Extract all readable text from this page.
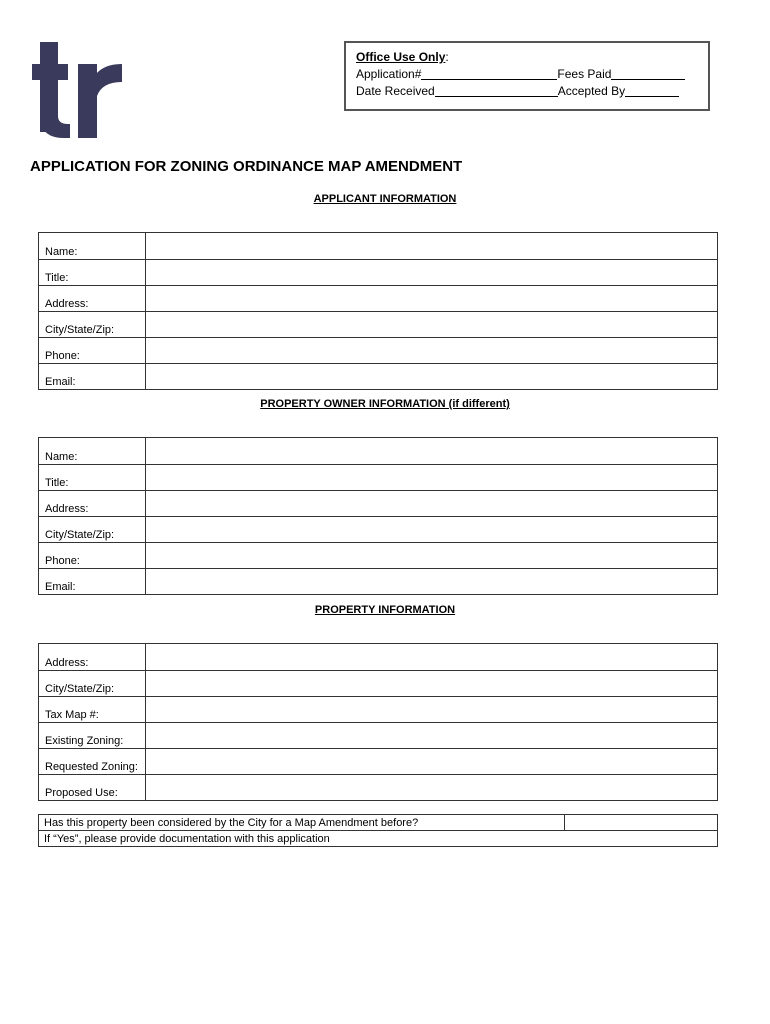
Office Use Only:
Application#	Fees Paid
Date Received	Accepted By
APPLICATION FOR ZONING ORDINANCE MAP AMENDMENT
APPLICANT INFORMATION
Name:	
Title:	
Address:	
City/State/Zip:	
Phone:	
Email:	
PROPERTY OWNER INFORMATION (if different)
Name:	
Title:	
Address:	
City/State/Zip:	
Phone:	
Email:	
PROPERTY INFORMATION
Address:	
City/State/Zip:	
Tax Map #:	
Existing Zoning:	
Requested Zoning:	
Proposed Use:	
Has this property been considered by the City for a Map Amendment before?	
If “Yes”, please provide documentation with this application
